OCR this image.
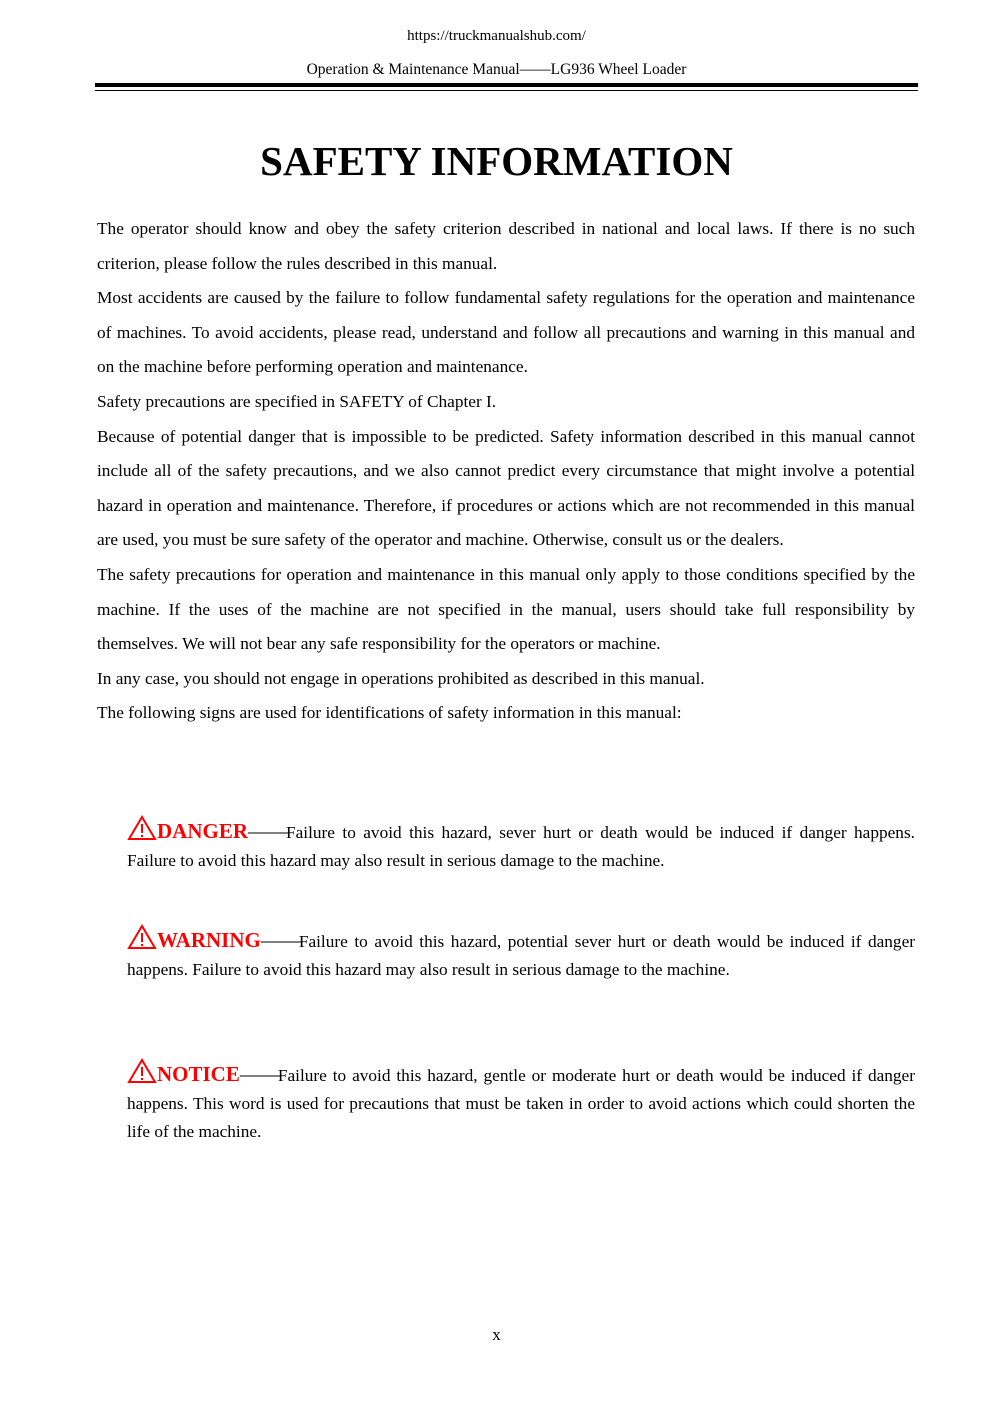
https://truckmanualshub.com/
Operation & Maintenance Manual——LG936 Wheel Loader
SAFETY INFORMATION

The operator should know and obey the safety criterion described in national and local laws. If there is no such criterion, please follow the rules described in this manual.

Most accidents are caused by the failure to follow fundamental safety regulations for the operation and maintenance of machines. To avoid accidents, please read, understand and follow all precautions and warning in this manual and on the machine before performing operation and maintenance.

Safety precautions are specified in SAFETY of Chapter I.

Because of potential danger that is impossible to be predicted. Safety information described in this manual cannot include all of the safety precautions, and we also cannot predict every circumstance that might involve a potential hazard in operation and maintenance. Therefore, if procedures or actions which are not recommended in this manual are used, you must be sure safety of the operator and machine. Otherwise, consult us or the dealers.

The safety precautions for operation and maintenance in this manual only apply to those conditions specified by the machine. If the uses of the machine are not specified in the manual, users should take full responsibility by themselves. We will not bear any safe responsibility for the operators or machine.

In any case, you should not engage in operations prohibited as described in this manual.

The following signs are used for identifications of safety information in this manual:

DANGER——Failure to avoid this hazard, sever hurt or death would be induced if danger happens. Failure to avoid this hazard may also result in serious damage to the machine.
WARNING——Failure to avoid this hazard, potential sever hurt or death would be induced if danger happens. Failure to avoid this hazard may also result in serious damage to the machine.
NOTICE——Failure to avoid this hazard, gentle or moderate hurt or death would be induced if danger happens. This word is used for precautions that must be taken in order to avoid actions which could shorten the life of the machine.
x
